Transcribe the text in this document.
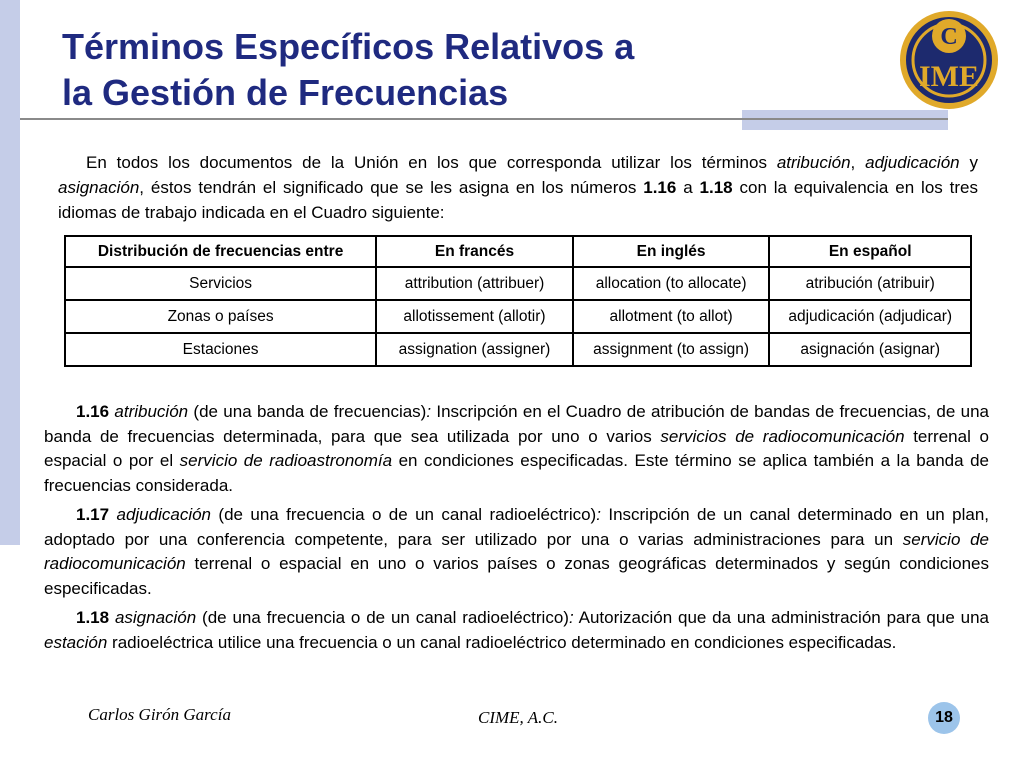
Términos Específicos Relativos a
la Gestión de Frecuencias
C
IME

En todos los documentos de la Unión en los que corresponda utilizar los términos atribución, adjudicación y asignación, éstos tendrán el significado que se les asigna en los números 1.16 a 1.18 con la equivalencia en los tres idiomas de trabajo indicada en el Cuadro siguiente:

Distribución de frecuencias entre	En francés	En inglés	En español
Servicios	attribution (attribuer)	allocation (to allocate)	atribución (atribuir)
Zonas o países	allotissement (allotir)	allotment (to allot)	adjudicación (adjudicar)
Estaciones	assignation (assigner)	assignment (to assign)	asignación (asignar)

1.16 atribución (de una banda de frecuencias): Inscripción en el Cuadro de atribución de bandas de frecuencias, de una banda de frecuencias determinada, para que sea utilizada por uno o varios servicios de radiocomunicación terrenal o espacial o por el servicio de radioastronomía en condiciones especificadas. Este término se aplica también a la banda de frecuencias considerada.

1.17 adjudicación (de una frecuencia o de un canal radioeléctrico): Inscripción de un canal determinado en un plan, adoptado por una conferencia competente, para ser utilizado por una o varias administraciones para un servicio de radiocomunicación terrenal o espacial en uno o varios países o zonas geográficas determinados y según condiciones especificadas.

1.18 asignación (de una frecuencia o de un canal radioeléctrico): Autorización que da una administración para que una estación radioeléctrica utilice una frecuencia o un canal radioeléctrico determinado en condiciones especificadas.

Carlos Girón García	CIME, A.C.	18
